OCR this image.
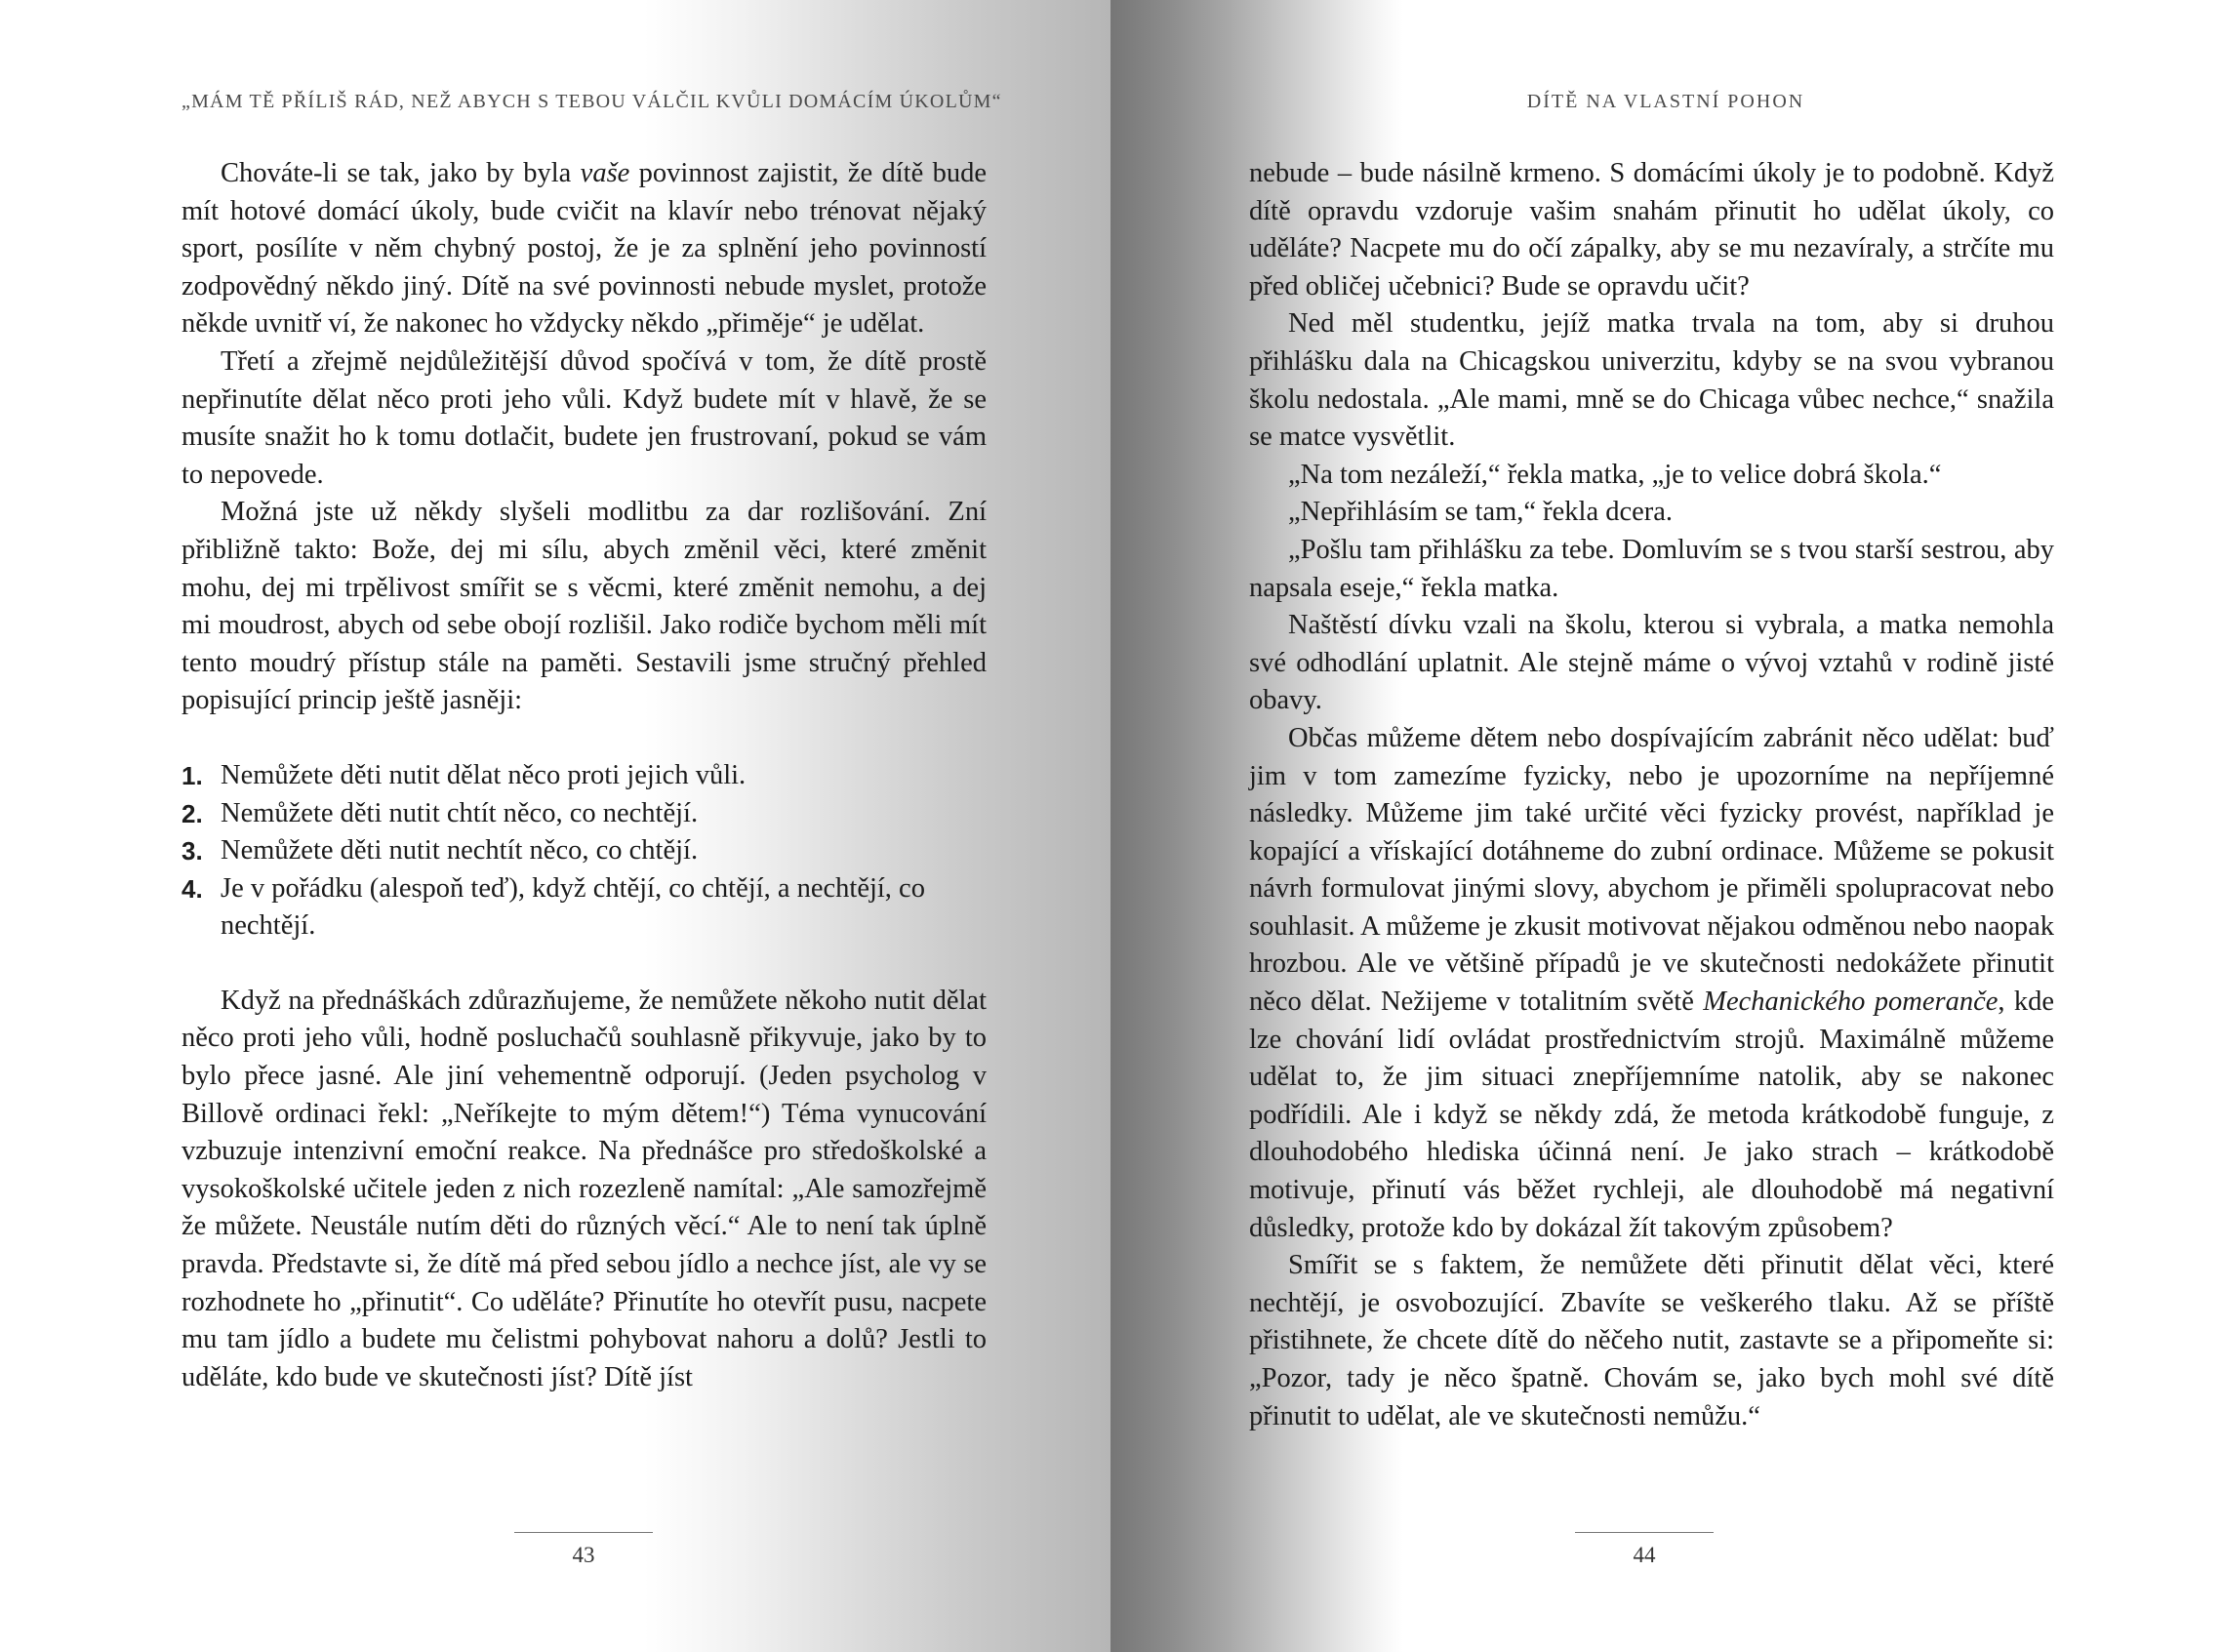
„MÁM TĚ PŘÍLIŠ RÁD, NEŽ ABYCH S TEBOU VÁLČIL KVŮLI DOMÁCÍM ÚKOLŮM“

Chováte-li se tak, jako by byla vaše povinnost zajistit, že dítě bude mít hotové domácí úkoly, bude cvičit na klavír nebo trénovat nějaký sport, posílíte v něm chybný postoj, že je za splnění jeho povinností zodpovědný někdo jiný. Dítě na své povinnosti nebude myslet, protože někde uvnitř ví, že nakonec ho vždycky někdo „přiměje“ je udělat.

Třetí a zřejmě nejdůležitější důvod spočívá v tom, že dítě prostě nepřinutíte dělat něco proti jeho vůli. Když budete mít v hlavě, že se musíte snažit ho k tomu dotlačit, budete jen frustrovaní, pokud se vám to nepovede.

Možná jste už někdy slyšeli modlitbu za dar rozlišování. Zní přibližně takto: Bože, dej mi sílu, abych změnil věci, které změnit mohu, dej mi trpělivost smířit se s věcmi, které změnit nemohu, a dej mi moudrost, abych od sebe obojí rozlišil. Jako rodiče bychom měli mít tento moudrý přístup stále na paměti. Sestavili jsme stručný přehled popisující princip ještě jasněji:

1. Nemůžete děti nutit dělat něco proti jejich vůli.
2. Nemůžete děti nutit chtít něco, co nechtějí.
3. Nemůžete děti nutit nechtít něco, co chtějí.
4. Je v pořádku (alespoň teď), když chtějí, co chtějí, a nechtějí, co nechtějí.

Když na přednáškách zdůrazňujeme, že nemůžete někoho nutit dělat něco proti jeho vůli, hodně posluchačů souhlasně přikyvuje, jako by to bylo přece jasné. Ale jiní vehementně odporují. (Jeden psycholog v Billově ordinaci řekl: „Neříkejte to mým dětem!“) Téma vynucování vzbuzuje intenzivní emoční reakce. Na přednášce pro středoškolské a vysokoškolské učitele jeden z nich rozezleně namítal: „Ale samozřejmě že můžete. Neustále nutím děti do různých věcí.“ Ale to není tak úplně pravda. Představte si, že dítě má před sebou jídlo a nechce jíst, ale vy se rozhodnete ho „přinutit“. Co uděláte? Přinutíte ho otevřít pusu, nacpete mu tam jídlo a budete mu čelistmi pohybovat nahoru a dolů? Jestli to uděláte, kdo bude ve skutečnosti jíst? Dítě jíst

43
DÍTĚ NA VLASTNÍ POHON
44

nebude – bude násilně krmeno. S domácími úkoly je to podobně. Když dítě opravdu vzdoruje vašim snahám přinutit ho udělat úkoly, co uděláte? Nacpete mu do očí zápalky, aby se mu nezavíraly, a strčíte mu před obličej učebnici? Bude se opravdu učit?

Ned měl studentku, jejíž matka trvala na tom, aby si druhou přihlášku dala na Chicagskou univerzitu, kdyby se na svou vybranou školu nedostala. „Ale mami, mně se do Chicaga vůbec nechce,“ snažila se matce vysvětlit.

„Na tom nezáleží,“ řekla matka, „je to velice dobrá škola.“

„Nepřihlásím se tam,“ řekla dcera.

„Pošlu tam přihlášku za tebe. Domluvím se s tvou starší sestrou, aby napsala eseje,“ řekla matka.

Naštěstí dívku vzali na školu, kterou si vybrala, a matka nemohla své odhodlání uplatnit. Ale stejně máme o vývoj vztahů v rodině jisté obavy.

Občas můžeme dětem nebo dospívajícím zabránit něco udělat: buď jim v tom zamezíme fyzicky, nebo je upozorníme na nepříjemné následky. Můžeme jim také určité věci fyzicky provést, například je kopající a vřískající dotáhneme do zubní ordinace. Můžeme se pokusit návrh formulovat jinými slovy, abychom je přiměli spolupracovat nebo souhlasit. A můžeme je zkusit motivovat nějakou odměnou nebo naopak hrozbou. Ale ve většině případů je ve skutečnosti nedokážete přinutit něco dělat. Nežijeme v totalitním světě Mechanického pomeranče, kde lze chování lidí ovládat prostřednictvím strojů. Maximálně můžeme udělat to, že jim situaci znepříjemníme natolik, aby se nakonec podřídili. Ale i když se někdy zdá, že metoda krátkodobě funguje, z dlouhodobého hlediska účinná není. Je jako strach – krátkodobě motivuje, přinutí vás běžet rychleji, ale dlouhodobě má negativní důsledky, protože kdo by dokázal žít takovým způsobem?

Smířit se s faktem, že nemůžete děti přinutit dělat věci, které nechtějí, je osvobozující. Zbavíte se veškerého tlaku. Až se příště přistihnete, že chcete dítě do něčeho nutit, zastavte se a připomeňte si: „Pozor, tady je něco špatně. Chovám se, jako bych mohl své dítě přinutit to udělat, ale ve skutečnosti nemůžu.“
